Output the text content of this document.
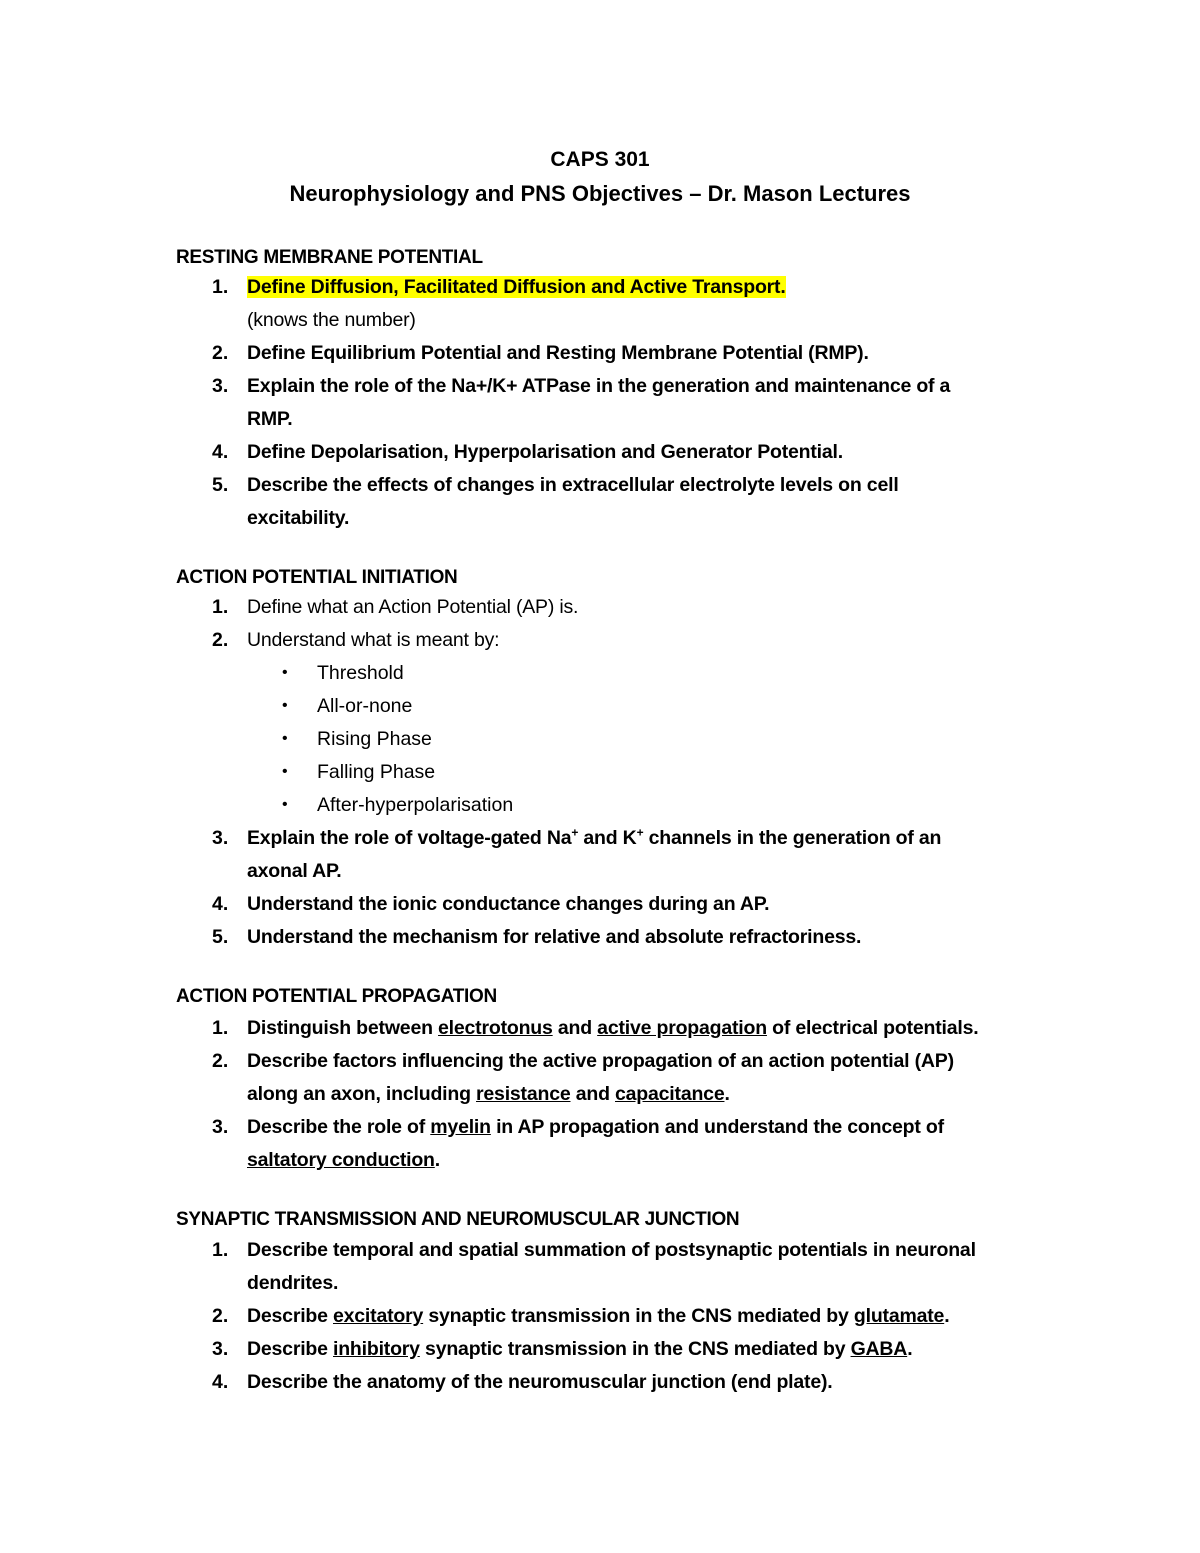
CAPS 301
Neurophysiology and PNS Objectives – Dr. Mason Lectures
RESTING MEMBRANE POTENTIAL
1. Define Diffusion, Facilitated Diffusion and Active Transport.
(knows the number)
2. Define Equilibrium Potential and Resting Membrane Potential (RMP).
3. Explain the role of the Na+/K+ ATPase in the generation and maintenance of a
RMP.
4. Define Depolarisation, Hyperpolarisation and Generator Potential.
5. Describe the effects of changes in extracellular electrolyte levels on cell
excitability.
ACTION POTENTIAL INITIATION
1. Define what an Action Potential (AP) is.
2. Understand what is meant by:
• Threshold
• All-or-none
• Rising Phase
• Falling Phase
• After-hyperpolarisation
3. Explain the role of voltage-gated Na+ and K+ channels in the generation of an
axonal AP.
4. Understand the ionic conductance changes during an AP.
5. Understand the mechanism for relative and absolute refractoriness.
ACTION POTENTIAL PROPAGATION
1. Distinguish between electrotonus and active propagation of electrical potentials.
2. Describe factors influencing the active propagation of an action potential (AP)
along an axon, including resistance and capacitance.
3. Describe the role of myelin in AP propagation and understand the concept of
saltatory conduction.
SYNAPTIC TRANSMISSION AND NEUROMUSCULAR JUNCTION
1. Describe temporal and spatial summation of postsynaptic potentials in neuronal
dendrites.
2. Describe excitatory synaptic transmission in the CNS mediated by glutamate.
3. Describe inhibitory synaptic transmission in the CNS mediated by GABA.
4. Describe the anatomy of the neuromuscular junction (end plate).
